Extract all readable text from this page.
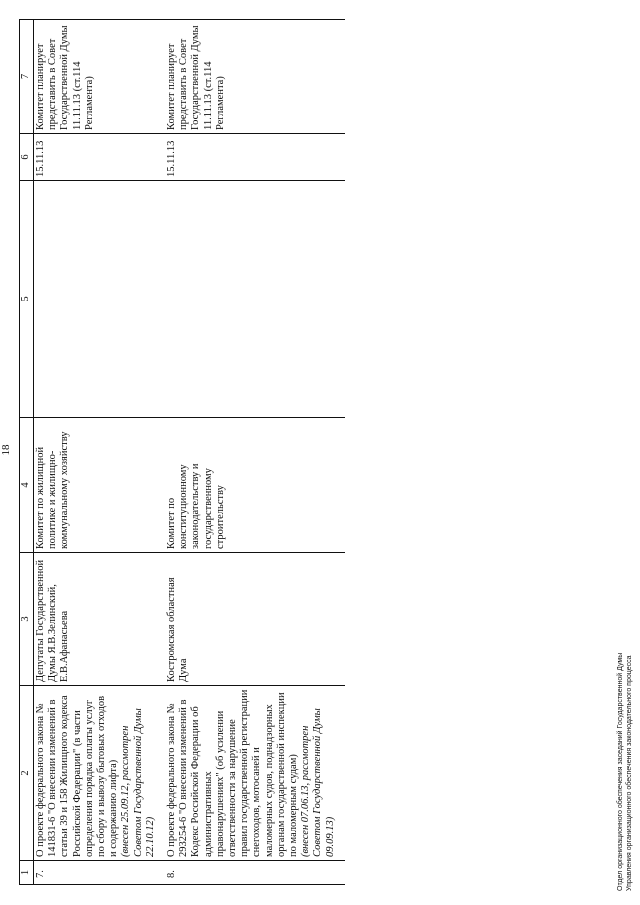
18
1	2	3	4	5	6	7
7.	О проекте федерального закона № 141831-6 "О внесении изменений в статьи 39 и 158 Жилищного кодекса Российской Федерации" (в части определения порядка оплаты услуг по сбору и вывозу бытовых отходов и содержанию лифта) (внесен 25.09.12, рассмотрен Советом Государственной Думы 22.10.12)	Депутаты Государственной Думы Я.В.Зелинский, Е.В.Афанасьева	Комитет по жилищной политике и жилищно-коммунальному хозяйству		15.11.13	Комитет планирует представить в Совет Государственной Думы 11.11.13 (ст.114 Регламента)
8.	О проекте федерального закона № 293254-6 "О внесении изменений в Кодекс Российской Федерации об административных правонарушениях" (об усилении ответственности за нарушение правил государственной регистрации снегоходов, мотосаней и маломерных судов, поднадзорных органам государственной инспекции по маломерным судам) (внесен 07.06.13, рассмотрен Советом Государственной Думы 09.09.13)	Костромская областная Дума	Комитет по конституционному законодательству и государственному строительству		15.11.13	Комитет планирует представить в Совет Государственной Думы 11.11.13 (ст.114 Регламента)
Отдел организационного обеспечения заседаний Государственной Думы Управления организационного обеспечения законодательного процесса
